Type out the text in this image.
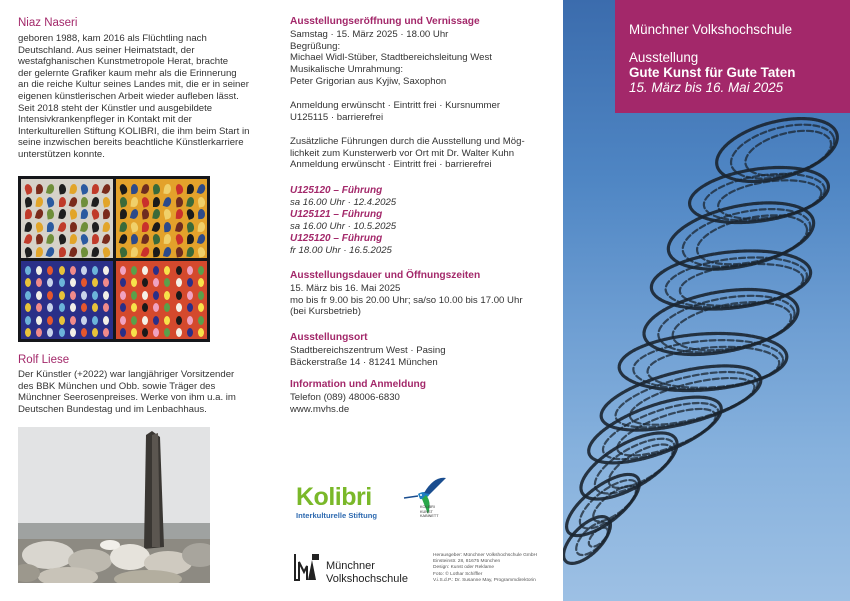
Niaz Naseri
geboren 1988, kam 2016 als Flüchtling nach
Deutschland. Aus seiner Heimatstadt, der
westafghanischen Kunstmetropole Herat, brachte
der gelernte Grafiker kaum mehr als die Erinnerung
an die reiche Kultur seines Landes mit, die er in seiner
eigenen künstlerischen Arbeit wieder aufleben lässt.
Seit 2018 steht der Künstler und ausgebildete
Intensivkrankenpfleger in Kontakt mit der
Interkulturellen Stiftung KOLIBRI, die ihm beim Start in
seine inzwischen bereits beachtliche Künstlerkarriere
unterstützen konnte.
Rolf Liese
Der Künstler (+2022) war langjähriger Vorsitzender
des BBK München und Obb. sowie Träger des
Münchner Seerosenpreises. Werke von ihm u.a. im
Deutschen Bundestag und im Lenbachhaus.
Ausstellungseröffnung und Vernissage
Samstag · 15. März 2025 · 18.00 Uhr
Begrüßung:
Michael Widl-Stüber, Stadtbereichsleitung West
Musikalische Umrahmung:
Peter Grigorian aus Kyjiw, Saxophon
Anmeldung erwünscht · Eintritt frei · Kursnummer
U125115 · barrierefrei
Zusätzliche Führungen durch die Ausstellung und Mög-
lichkeit zum Kunsterwerb vor Ort mit Dr. Walter Kuhn
Anmeldung erwünscht · Eintritt frei · barrierefrei
U125120 – Führung
sa 16.00 Uhr · 12.4.2025
U125121 – Führung
sa 16.00 Uhr · 10.5.2025
U125120 – Führung
fr 18.00 Uhr · 16.5.2025
Ausstellungsdauer und Öffnungszeiten
15. März bis 16. Mai 2025
mo bis fr 9.00 bis 20.00 Uhr; sa/so 10.00 bis 17.00 Uhr
(bei Kursbetrieb)
Ausstellungsort
Stadtbereichszentrum West · Pasing
Bäckerstraße 14 · 81241 München
Information und Anmeldung
Telefon (089) 48006-6830
www.mvhs.de
Kolibri
Interkulturelle Stiftung
KOLIBRI
KUNST
KABINETT
Münchner
Volkshochschule
Herausgeber: Münchner Volkshochschule GmbH
Einsteinstr. 28, 81675 München
Design: Kunst oder Reklame
Foto: © Lothar Schiffler
V.i.S.d.P.: Dr. Susanne May, Programmdirektorin
Münchner Volkshochschule
Ausstellung
Gute Kunst für Gute Taten
15. März bis 16. Mai 2025
